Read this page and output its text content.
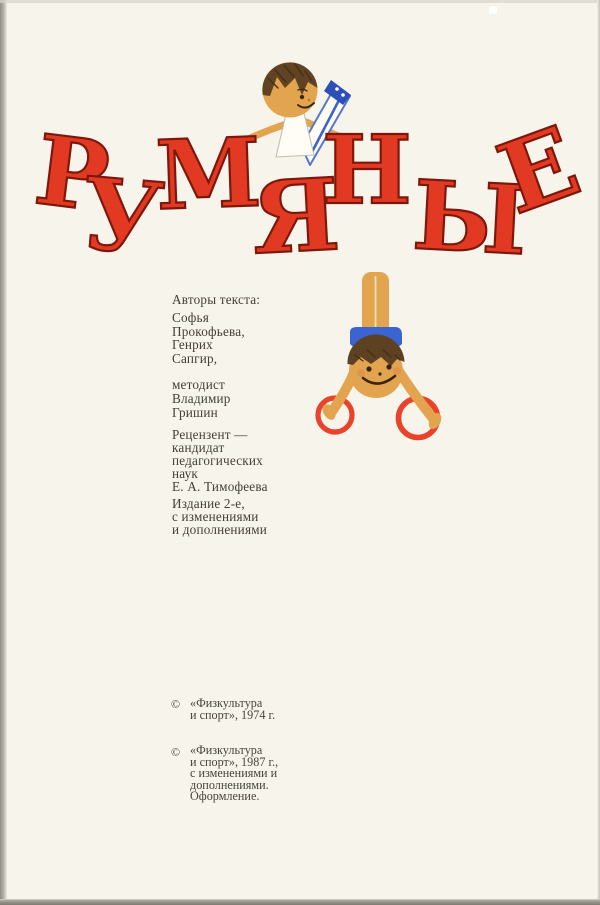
Р
У
М
Я
Н
Ы
Е

Авторы текста:

Софья
Прокофьева,
Генрих
Сапгир,

методист
Владимир
Гришин

Рецензент —
кандидат
педагогических
нау́к
Е. А. Тимофеева

Издание 2-е,
с изменениями
и дополнениями

© «Физкультура
и спорт», 1974 г.
© «Физкультура
и спорт», 1987 г.,
с изменениями и
дополнениями.
Оформление.
